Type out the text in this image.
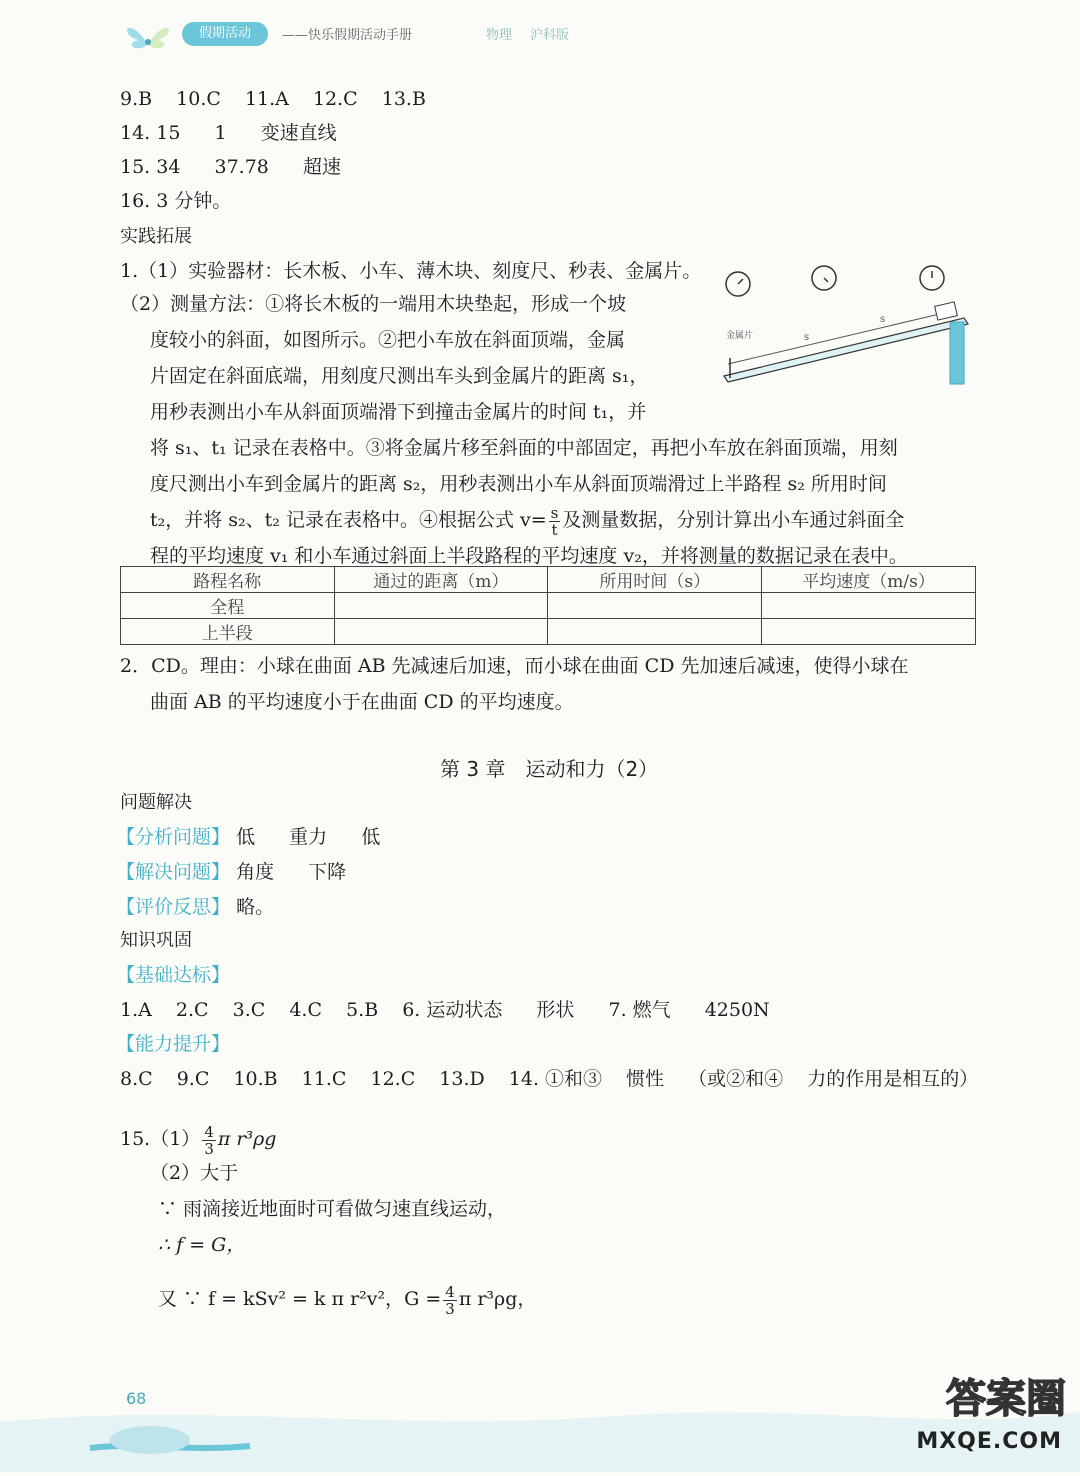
假期活动	——快乐假期活动手册	物理 沪科版
9.B 10.C 11.A 12.C 13.B
14. 15 1 变速直线
15. 34 37.78 超速
16. 3 分钟。
实践拓展
1.（1）实验器材：长木板、小车、薄木块、刻度尺、秒表、金属片。
（2）测量方法：①将长木板的一端用木块垫起，形成一个坡
度较小的斜面，如图所示。②把小车放在斜面顶端，金属
片固定在斜面底端，用刻度尺测出车头到金属片的距离 s₁，
用秒表测出小车从斜面顶端滑下到撞击金属片的时间 t₁，并
将 s₁、t₁ 记录在表格中。③将金属片移至斜面的中部固定，再把小车放在斜面顶端，用刻
度尺测出小车到金属片的距离 s₂，用秒表测出小车从斜面顶端滑过上半路程 s₂ 所用时间
t₂，并将 s₂、t₂ 记录在表格中。④根据公式 $v= \frac{s}{t}$ 及测量数据，分别计算出小车通过斜面全
程的平均速度 v₁ 和小车通过斜面上半段路程的平均速度 v₂，并将测量的数据记录在表中。
金属片	s
s
路程名称	通过的距离（m）	所用时间（s）	平均速度（m/s）
全程			
上半段			
2．CD。理由：小球在曲面 AB 先减速后加速，而小球在曲面 CD 先加速后减速，使得小球在
曲面 AB 的平均速度小于在曲面 CD 的平均速度。
第 3 章　运动和力（2）
问题解决
【分析问题】 低 重力 低
【解决问题】 角度 下降
【评价反思】 略。
知识巩固
【基础达标】
1.A 2.C 3.C 4.C 5.B 6. 运动状态 形状 7. 燃气 4250N
【能力提升】
8.C 9.C 10.B 11.C 12.C 13.D 14. ①和③ 惯性 （或②和④ 力的作用是相互的）
$15.(1) \frac{4}{3}$ π r³ρg
（2）大于
∵ 雨滴接近地面时可看做匀速直线运动，
∴ f = G，
又 ∵ f = kSv² = k π r²v²，$G = \frac{4}{3}$ π r³ρg，
68	答案圈
MXQE.COM
